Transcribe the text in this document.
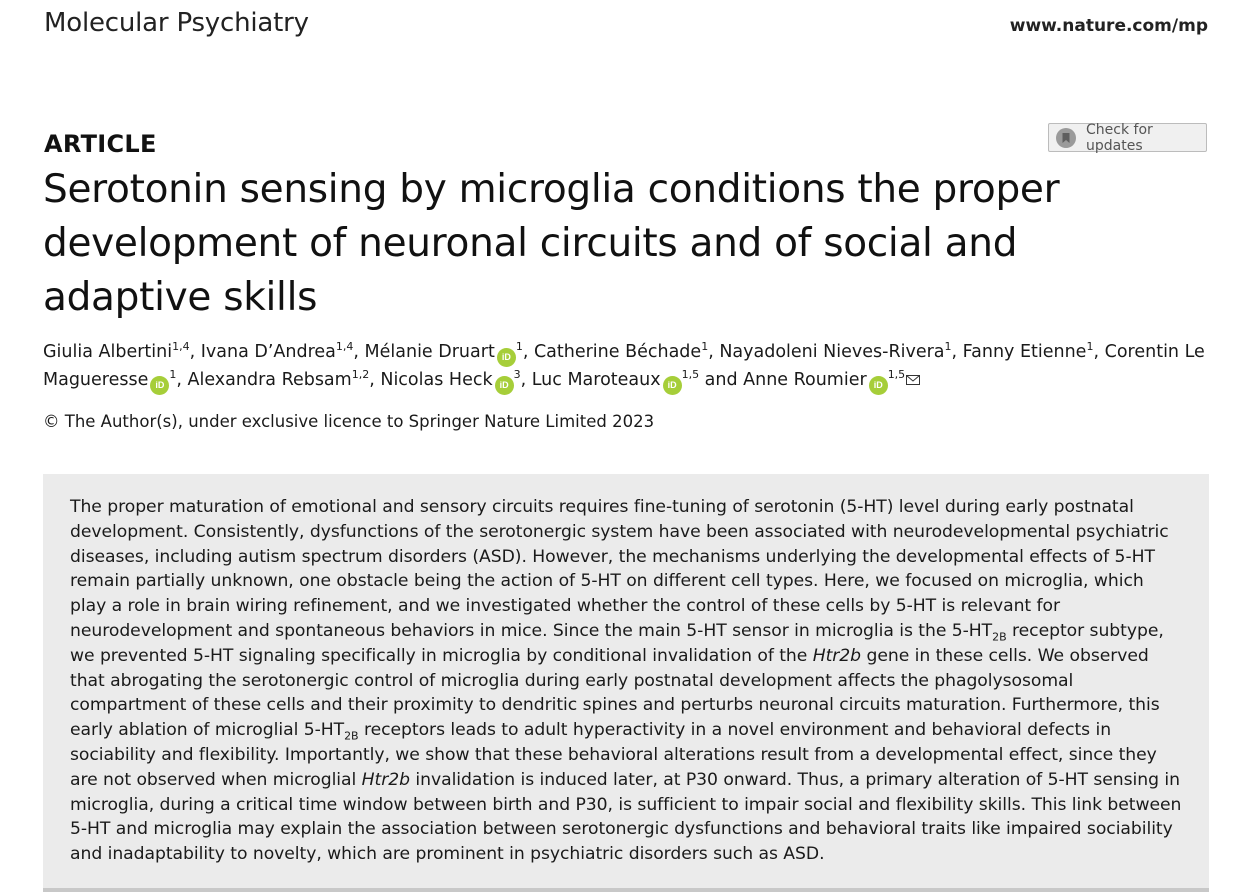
Molecular Psychiatry	www.nature.com/mp
ARTICLE
Check for updates
Serotonin sensing by microglia conditions the proper development of neuronal circuits and of social and adaptive skills
Giulia Albertini$^{1,4}$, Ivana D’Andrea$^{1,4}$, Mélanie Druart $iD^1$, Catherine Béchade$^1$, Nayadoleni Nieves-Rivera$^1$, Fanny Etienne$^1$, Corentin Le Magueresse $iD^1$, Alexandra Rebsam$^{1,2}$, Nicolas Heck $iD^3$, Luc Maroteaux iD$^{1,5}$ and Anne Roumier iD$^{1,5}$
© The Author(s), under exclusive licence to Springer Nature Limited 2023

The proper maturation of emotional and sensory circuits requires fine-tuning of serotonin (5-HT) level during early postnatal development. Consistently, dysfunctions of the serotonergic system have been associated with neurodevelopmental psychiatric diseases, including autism spectrum disorders (ASD). However, the mechanisms underlying the developmental effects of 5-HT remain partially unknown, one obstacle being the action of 5-HT on different cell types. Here, we focused on microglia, which play a role in brain wiring refinement, and we investigated whether the control of these cells by 5-HT is relevant for neurodevelopment and spontaneous behaviors in mice. Since the main 5-HT sensor in microglia is the $5-HT_{2B}$ receptor subtype, we prevented 5-HT signaling specifically in microglia by conditional invalidation of the Htr2b gene in these cells. We observed that abrogating the serotonergic control of microglia during early postnatal development affects the phagolysosomal compartment of these cells and their proximity to dendritic spines and perturbs neuronal circuits maturation. Furthermore, this early ablation of microglial $5-HT_{2B}$ receptors leads to adult hyperactivity in a novel environment and behavioral defects in sociability and flexibility. Importantly, we show that these behavioral alterations result from a developmental effect, since they are not observed when microglial Htr2b invalidation is induced later, at P30 onward. Thus, a primary alteration of 5-HT sensing in microglia, during a critical time window between birth and P30, is sufficient to impair social and flexibility skills. This link between 5-HT and microglia may explain the association between serotonergic dysfunctions and behavioral traits like impaired sociability and inadaptability to novelty, which are prominent in psychiatric disorders such as ASD.
